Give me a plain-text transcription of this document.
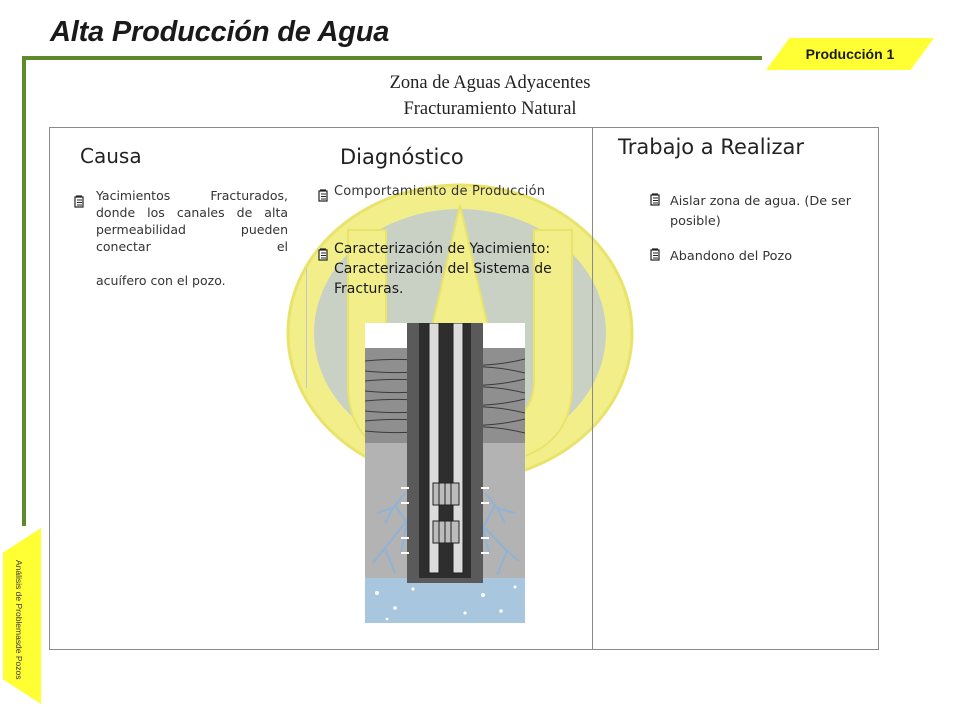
Alta Producción de Agua
Producción 1
Análisis de Problemas
de Pozos
Zona de Aguas Adyacentes
Fracturamiento Natural
Causa	Diagnóstico	Trabajo a Realizar
Yacimientos Fracturados, donde los canales de alta permeabilidad pueden conectar el
acuífero con el pozo.
Comportamiento de Producción
Caracterización de Yacimiento: Caracterización del Sistema de Fracturas.
Aislar zona de agua. (De ser posible)
Abandono del Pozo
